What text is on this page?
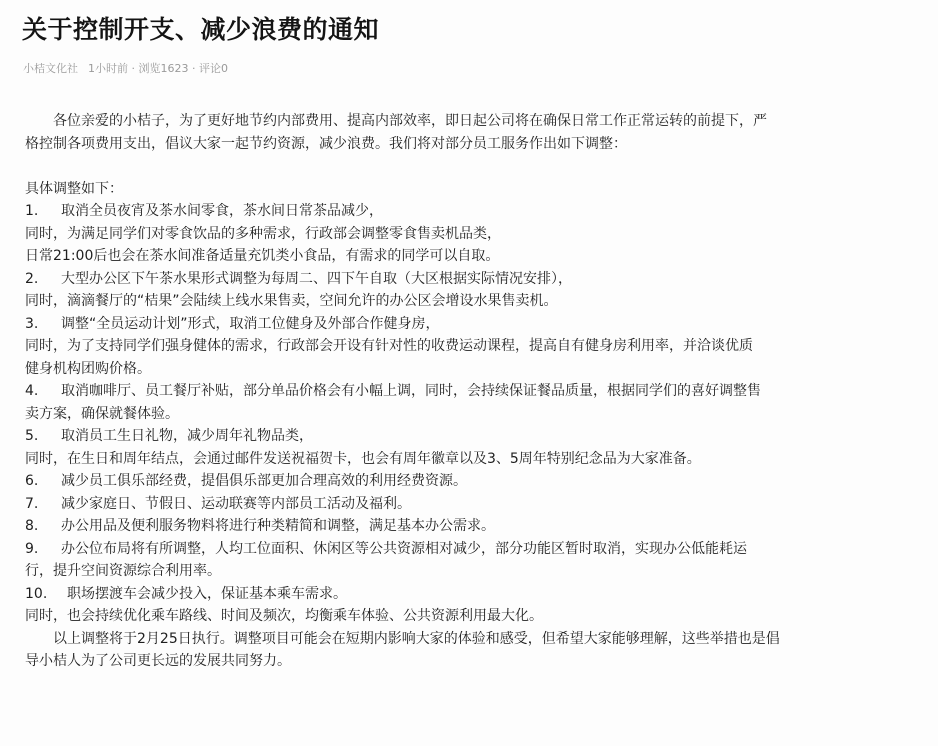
关于控制开支、减少浪费的通知
小桔文化社 1小时前 · 浏览1623 · 评论0
各位亲爱的小桔子，为了更好地节约内部费用、提高内部效率，即日起公司将在确保日常工作正常运转的前提下，严
格控制各项费用支出，倡议大家一起节约资源，减少浪费。我们将对部分员工服务作出如下调整：
具体调整如下：
1. 取消全员夜宵及茶水间零食，茶水间日常茶品减少，
同时，为满足同学们对零食饮品的多种需求，行政部会调整零食售卖机品类，
日常21:00后也会在茶水间准备适量充饥类小食品，有需求的同学可以自取。
2. 大型办公区下午茶水果形式调整为每周二、四下午自取（大区根据实际情况安排），
同时，滴滴餐厅的“桔果”会陆续上线水果售卖，空间允许的办公区会增设水果售卖机。
3. 调整“全员运动计划”形式，取消工位健身及外部合作健身房，
同时，为了支持同学们强身健体的需求，行政部会开设有针对性的收费运动课程，提高自有健身房利用率，并洽谈优质
健身机构团购价格。
4. 取消咖啡厅、员工餐厅补贴，部分单品价格会有小幅上调，同时，会持续保证餐品质量，根据同学们的喜好调整售
卖方案，确保就餐体验。
5. 取消员工生日礼物，减少周年礼物品类，
同时，在生日和周年结点，会通过邮件发送祝福贺卡，也会有周年徽章以及3、5周年特别纪念品为大家准备。
6. 减少员工俱乐部经费，提倡俱乐部更加合理高效的利用经费资源。
7. 减少家庭日、节假日、运动联赛等内部员工活动及福利。
8. 办公用品及便利服务物料将进行种类精简和调整，满足基本办公需求。
9. 办公位布局将有所调整，人均工位面积、休闲区等公共资源相对减少，部分功能区暂时取消，实现办公低能耗运
行，提升空间资源综合利用率。
10. 职场摆渡车会减少投入，保证基本乘车需求。
同时，也会持续优化乘车路线、时间及频次，均衡乘车体验、公共资源利用最大化。
以上调整将于2月25日执行。调整项目可能会在短期内影响大家的体验和感受，但希望大家能够理解，这些举措也是倡
导小桔人为了公司更长远的发展共同努力。
